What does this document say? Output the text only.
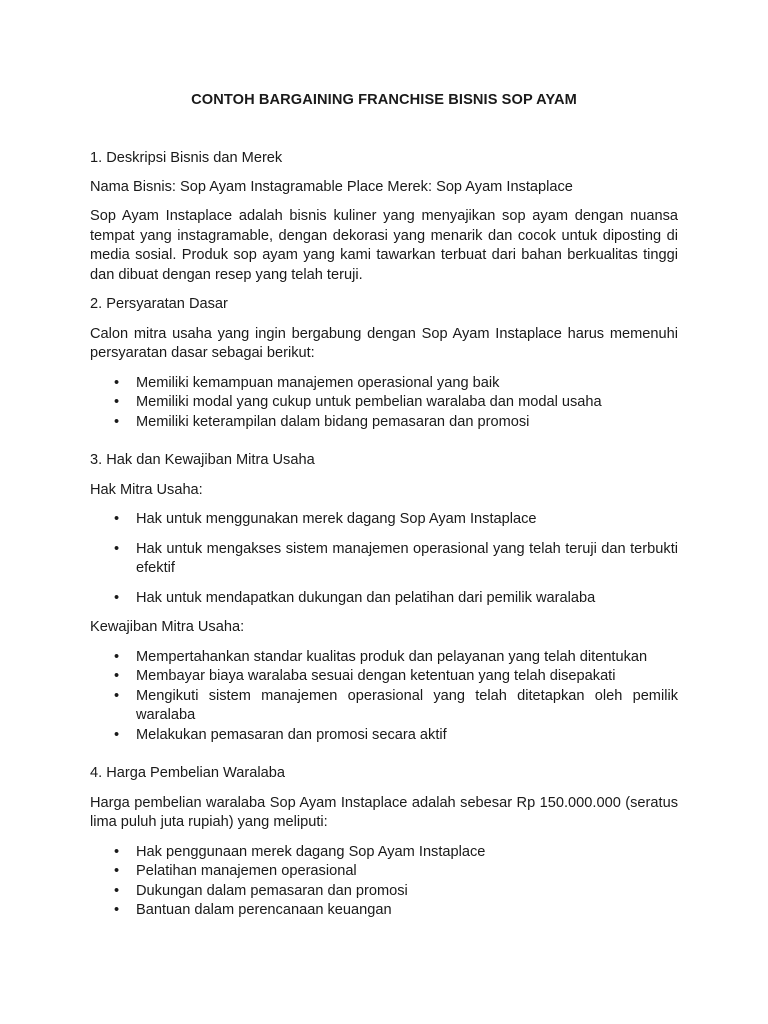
CONTOH BARGAINING FRANCHISE BISNIS SOP AYAM

1. Deskripsi Bisnis dan Merek

Nama Bisnis: Sop Ayam Instagramable Place Merek: Sop Ayam Instaplace

Sop Ayam Instaplace adalah bisnis kuliner yang menyajikan sop ayam dengan nuansa tempat yang instagramable, dengan dekorasi yang menarik dan cocok untuk diposting di media sosial. Produk sop ayam yang kami tawarkan terbuat dari bahan berkualitas tinggi dan dibuat dengan resep yang telah teruji.

2. Persyaratan Dasar

Calon mitra usaha yang ingin bergabung dengan Sop Ayam Instaplace harus memenuhi persyaratan dasar sebagai berikut:

• Memiliki kemampuan manajemen operasional yang baik
• Memiliki modal yang cukup untuk pembelian waralaba dan modal usaha
• Memiliki keterampilan dalam bidang pemasaran dan promosi

3. Hak dan Kewajiban Mitra Usaha

Hak Mitra Usaha:

• Hak untuk menggunakan merek dagang Sop Ayam Instaplace
• Hak untuk mengakses sistem manajemen operasional yang telah teruji dan terbukti efektif
• Hak untuk mendapatkan dukungan dan pelatihan dari pemilik waralaba

Kewajiban Mitra Usaha:

• Mempertahankan standar kualitas produk dan pelayanan yang telah ditentukan
• Membayar biaya waralaba sesuai dengan ketentuan yang telah disepakati
• Mengikuti sistem manajemen operasional yang telah ditetapkan oleh pemilik waralaba
• Melakukan pemasaran dan promosi secara aktif

4. Harga Pembelian Waralaba

Harga pembelian waralaba Sop Ayam Instaplace adalah sebesar Rp 150.000.000 (seratus lima puluh juta rupiah) yang meliputi:

• Hak penggunaan merek dagang Sop Ayam Instaplace
• Pelatihan manajemen operasional
• Dukungan dalam pemasaran dan promosi
• Bantuan dalam perencanaan keuangan
